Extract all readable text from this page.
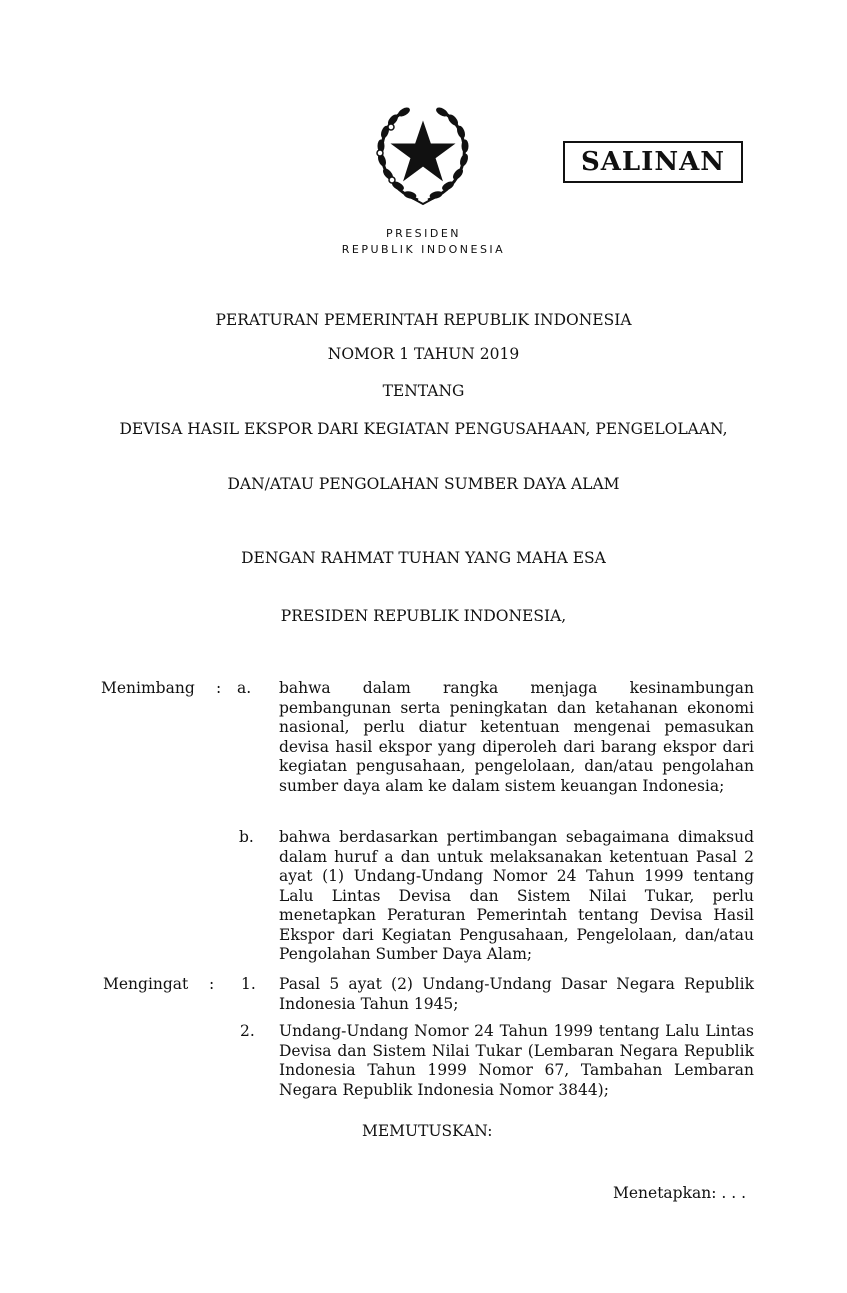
SALINAN
PRESIDEN
REPUBLIK INDONESIA
PERATURAN PEMERINTAH REPUBLIK INDONESIA
NOMOR 1 TAHUN 2019
TENTANG
DEVISA HASIL EKSPOR DARI KEGIATAN PENGUSAHAAN, PENGELOLAAN,
DAN/ATAU PENGOLAHAN SUMBER DAYA ALAM
DENGAN RAHMAT TUHAN YANG MAHA ESA
PRESIDEN REPUBLIK INDONESIA,
Menimbang : a. bahwa dalam rangka menjaga kesinambungan pembangunan serta peningkatan dan ketahanan ekonomi nasional, perlu diatur ketentuan mengenai pemasukan devisa hasil ekspor yang diperoleh dari barang ekspor dari kegiatan pengusahaan, pengelolaan, dan/atau pengolahan sumber daya alam ke dalam sistem keuangan Indonesia;
b. bahwa berdasarkan pertimbangan sebagaimana dimaksud dalam huruf a dan untuk melaksanakan ketentuan Pasal 2 ayat (1) Undang-Undang Nomor 24 Tahun 1999 tentang Lalu Lintas Devisa dan Sistem Nilai Tukar, perlu menetapkan Peraturan Pemerintah tentang Devisa Hasil Ekspor dari Kegiatan Pengusahaan, Pengelolaan, dan/atau Pengolahan Sumber Daya Alam;
Mengingat : 1. Pasal 5 ayat (2) Undang-Undang Dasar Negara Republik Indonesia Tahun 1945;
2. Undang-Undang Nomor 24 Tahun 1999 tentang Lalu Lintas Devisa dan Sistem Nilai Tukar (Lembaran Negara Republik Indonesia Tahun 1999 Nomor 67, Tambahan Lembaran Negara Republik Indonesia Nomor 3844);
MEMUTUSKAN:
Menetapkan: . . .
